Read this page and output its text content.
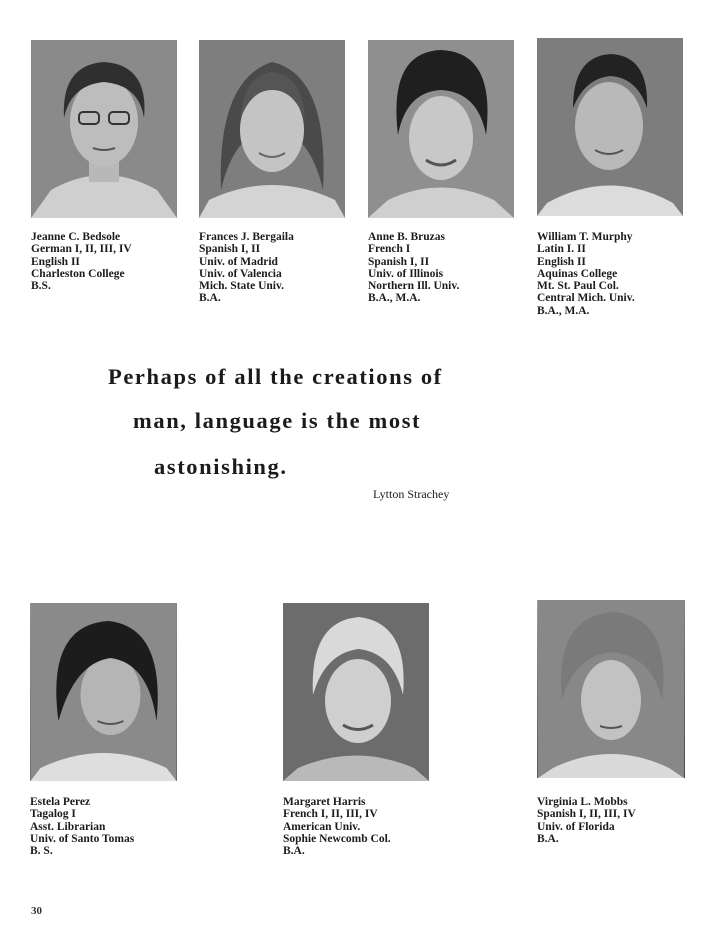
Jeanne C. Bedsole
German I, II, III, IV
English II
Charleston College
B.S.
Frances J. Bergaila
Spanish I, II
Univ. of Madrid
Univ. of Valencia
Mich. State Univ.
B.A.
Anne B. Bruzas
French I
Spanish I, II
Univ. of Illinois
Northern Ill. Univ.
B.A., M.A.
William T. Murphy
Latin I. II
English II
Aquinas College
Mt. St. Paul Col.
Central Mich. Univ.
B.A., M.A.
Perhaps of all the creations of
man, language is the most
astonishing.
Lytton Strachey
Estela Perez
Tagalog I
Asst. Librarian
Univ. of Santo Tomas
B. S.
Margaret Harris
French I, II, III, IV
American Univ.
Sophie Newcomb Col.
B.A.
Virginia L. Mobbs
Spanish I, II, III, IV
Univ. of Florida
B.A.
30
